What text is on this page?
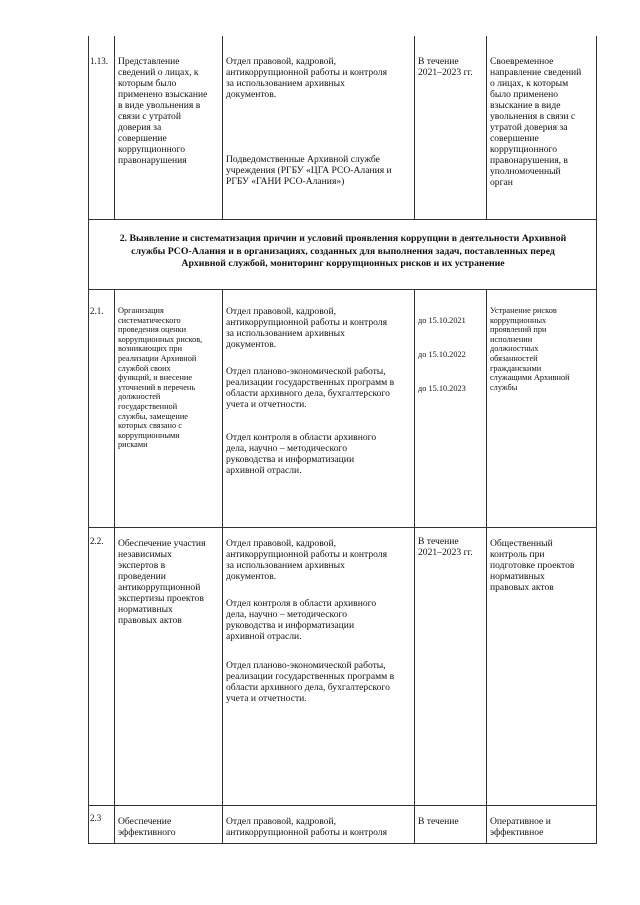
1.13. Представление
сведений о лицах, к
которым было
применено взыскание
в виде увольнения в
связи с утратой
доверия за
совершение
коррупционного
правонарушения
Отдел правовой, кадровой,
антикоррупционной работы и контроля
за использованием архивных
документов.
Подведомственные Архивной службе
учреждения (РГБУ «ЦГА РСО-Алания и
РГБУ «ГАНИ РСО-Алания»)
В течение
2021–2023 гг.
Своевременное
направление сведений
о лицах, к которым
было применено
взыскание в виде
увольнения в связи с
утратой доверия за
совершение
коррупционного
правонарушения, в
уполномоченный
орган
2. Выявление и систематизация причин и условий проявления коррупции в деятельности Архивной
службы РСО-Алания и в организациях, созданных для выполнения задач, поставленных перед
Архивной службой, мониторинг коррупционных рисков и их устранение
2.1. Организация
систематического
проведения оценки
коррупционных рисков,
возникающих при
реализации Архивной
службой своих
функций, и внесение
уточнений в перечень
должностей
государственной
службы, замещение
которых связано с
коррупционными
рисками
Отдел правовой, кадровой,
антикоррупционной работы и контроля
за использованием архивных
документов.
Отдел планово-экономической работы,
реализации государственных программ в
области архивного дела, бухгалтерского
учета и отчетности.
Отдел контроля в области архивного
дела, научно – методического
руководства и информатизации
архивной отрасли.

до 15.10.2021

до 15.10.2022

до 15.10.2023

Устранение рисков
коррупционных
проявлений при
исполнении
должностных
обязанностей
гражданскими
служащими Архивной
службы
2.2. Обеспечение участия
независимых
экспертов в
проведении
антикоррупционной
экспертизы проектов
нормативных
правовых актов
Отдел правовой, кадровой,
антикоррупционной работы и контроля
за использованием архивных
документов.
Отдел контроля в области архивного
дела, научно – методического
руководства и информатизации
архивной отрасли.
Отдел планово-экономической работы,
реализации государственных программ в
области архивного дела, бухгалтерского
учета и отчетности.
В течение
2021–2023 гг.
Общественный
контроль при
подготовке проектов
нормативных
правовых актов
2.3 Обеспечение
эффективного
Отдел правовой, кадровой,
антикоррупционной работы и контроля
В течение	Оперативное и
эффективное
